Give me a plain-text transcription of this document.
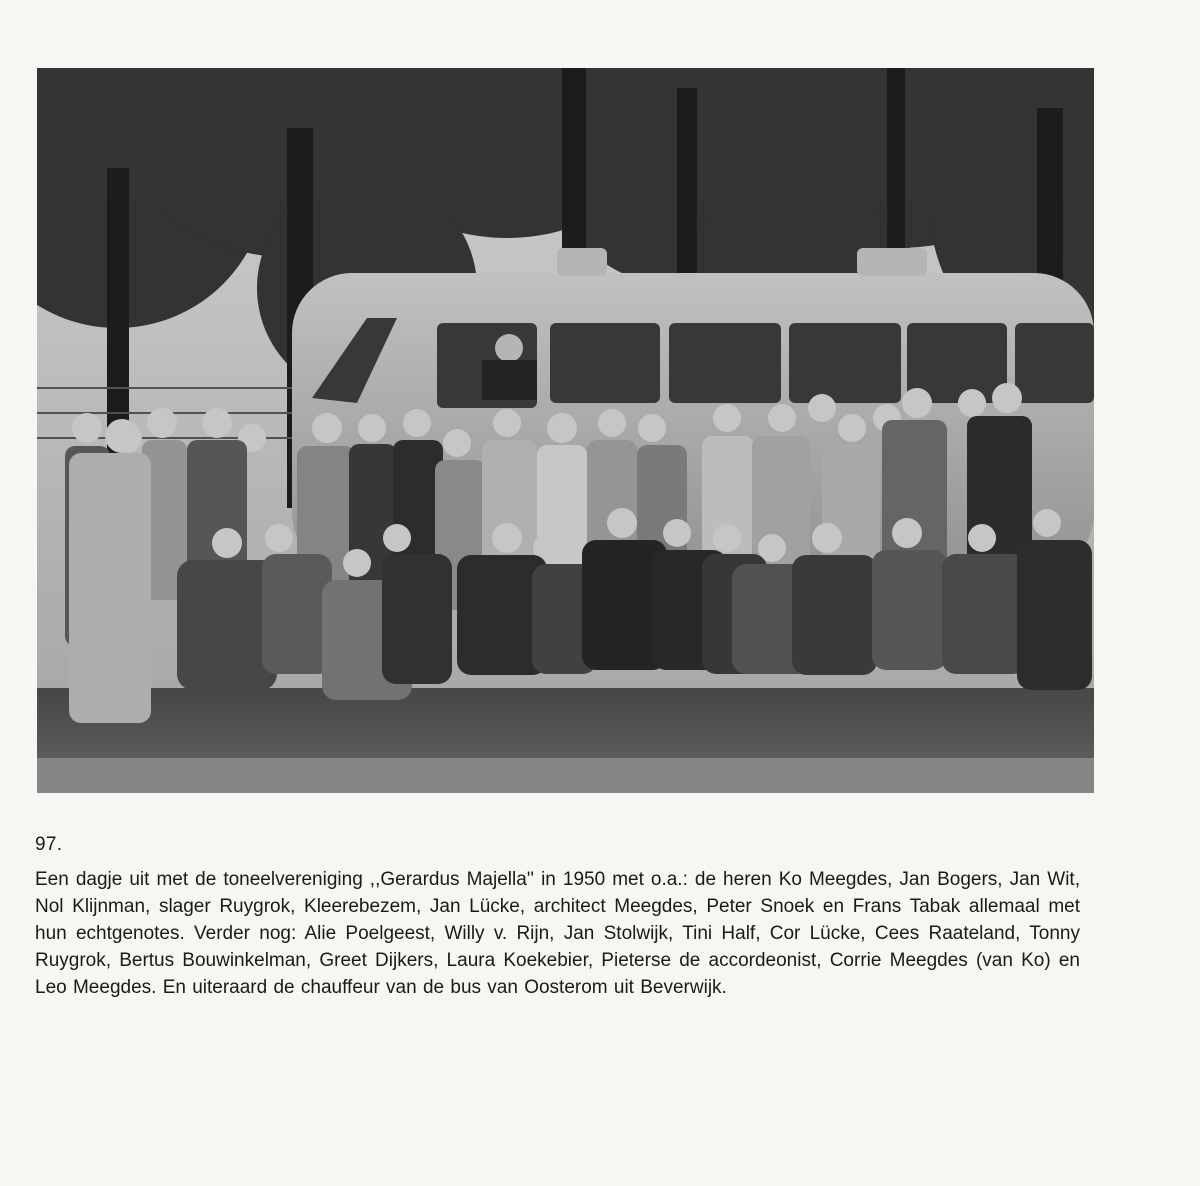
97.

Een dagje uit met de toneelvereniging ,,Gerardus Majella'' in 1950 met o.a.: de heren Ko Meegdes, Jan Bogers, Jan Wit, Nol Klijnman, slager Ruygrok, Kleerebezem, Jan Lücke, architect Meegdes, Peter Snoek en Frans Tabak allemaal met hun echtgenotes. Verder nog: Alie Poelgeest, Willy v. Rijn, Jan Stolwijk, Tini Half, Cor Lücke, Cees Raateland, Tonny Ruygrok, Bertus Bouwinkelman, Greet Dijkers, Laura Koekebier, Pieterse de accordeonist, Corrie Meegdes (van Ko) en Leo Meegdes. En uiteraard de chauffeur van de bus van Oosterom uit Beverwijk.
